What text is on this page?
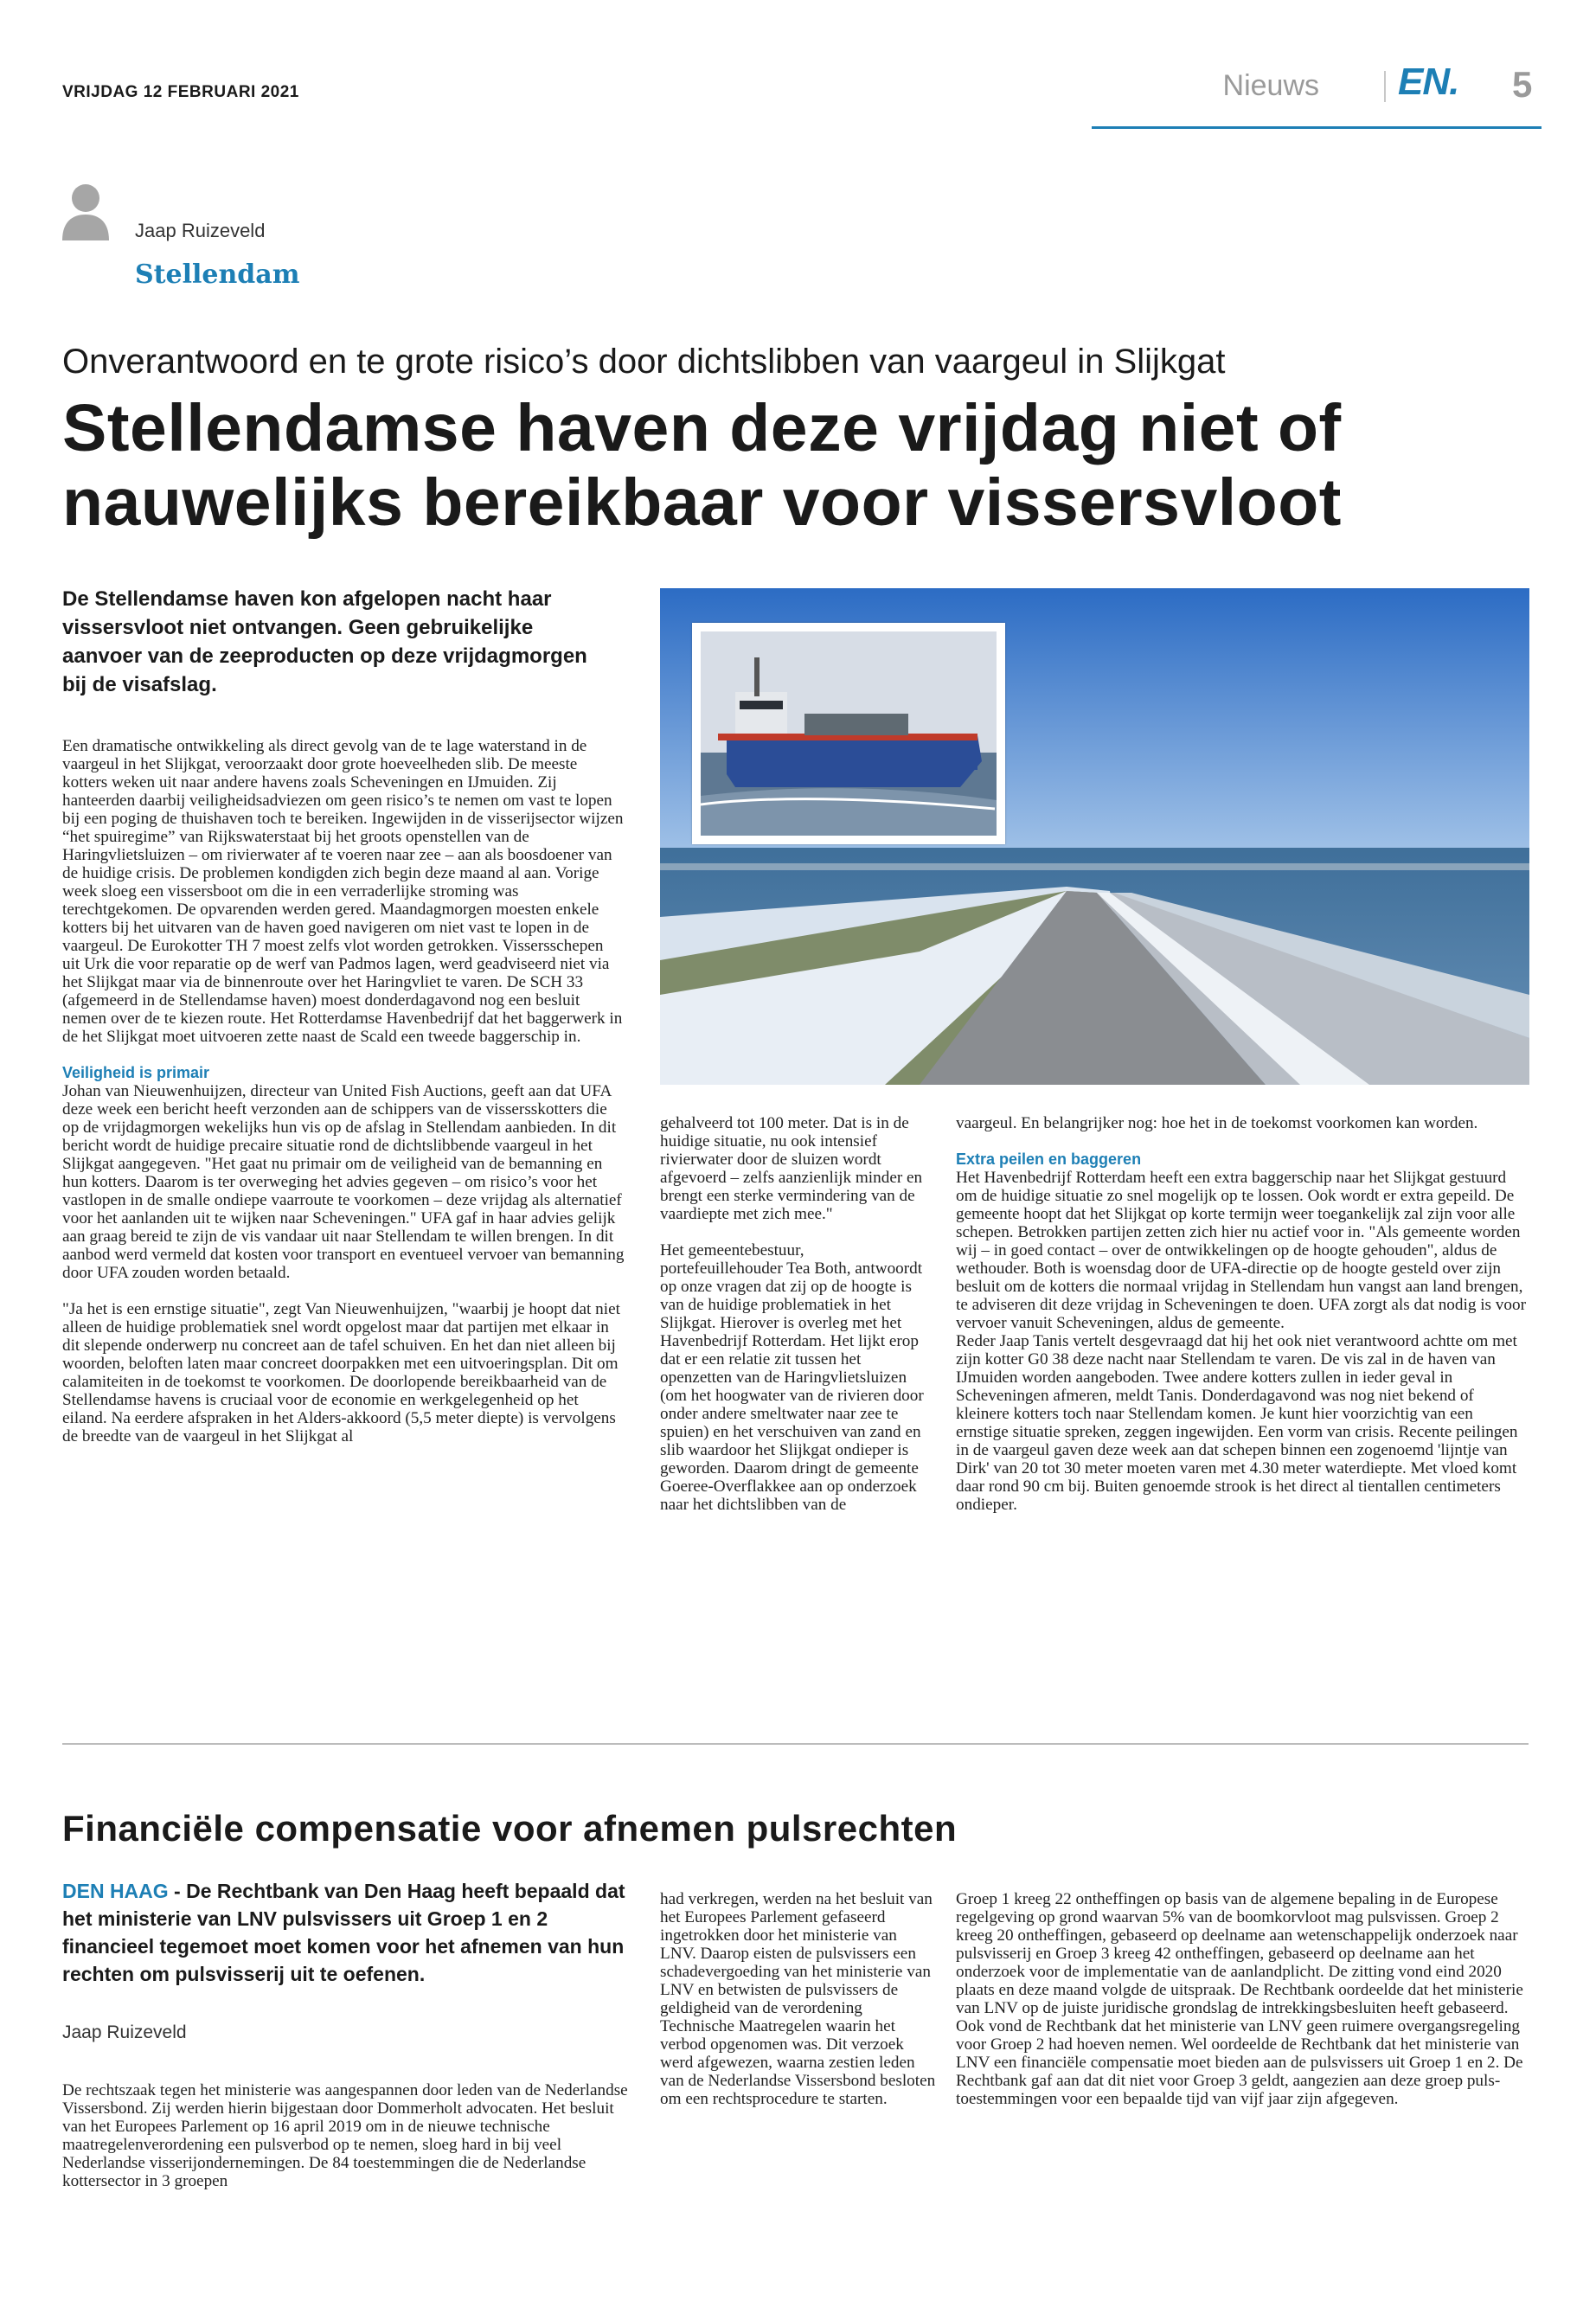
VRIJDAG 12 FEBRUARI 2021	Nieuws EN. 5
Jaap Ruizeveld
Stellendam
Onverantwoord en te grote risico’s door dichtslibben van vaargeul in Slijkgat
Stellendamse haven deze vrijdag niet of
nauwelijks bereikbaar voor vissersvloot
De Stellendamse haven kon afgelopen nacht haar vissersvloot niet ontvangen. Geen gebruikelijke aanvoer van de zeeproducten op deze vrijdagmorgen bij de visafslag.

Een dramatische ontwikkeling als direct gevolg van de te lage waterstand in de vaargeul in het Slijkgat, veroorzaakt door grote hoeveelheden slib. De meeste kotters weken uit naar andere havens zoals Scheveningen en IJmuiden. Zij hanteerden daarbij veiligheidsadviezen om geen risico’s te nemen om vast te lopen bij een poging de thuishaven toch te bereiken. Ingewijden in de visserijsector wijzen “het spuiregime” van Rijkswaterstaat bij het groots openstellen van de Haringvlietsluizen – om rivierwater af te voeren naar zee – aan als boosdoener van de huidige crisis. De problemen kondigden zich begin deze maand al aan. Vorige week sloeg een vissersboot om die in een verraderlijke stroming was terechtgekomen. De opvarenden werden gered. Maandagmorgen moesten enkele kotters bij het uitvaren van de haven goed navigeren om niet vast te lopen in de vaargeul. De Eurokotter TH 7 moest zelfs vlot worden getrokken. Vissersschepen uit Urk die voor reparatie op de werf van Padmos lagen, werd geadviseerd niet via het Slijkgat maar via de binnenroute over het Haringvliet te varen. De SCH 33 (afgemeerd in de Stellendamse haven) moest donderdagavond nog een besluit nemen over de te kiezen route. Het Rotterdamse Havenbedrijf dat het baggerwerk in de het Slijkgat moet uitvoeren zette naast de Scald een tweede baggerschip in.

Veiligheid is primair

Johan van Nieuwenhuijzen, directeur van United Fish Auctions, geeft aan dat UFA deze week een bericht heeft verzonden aan de schippers van de vissersskotters die op de vrijdagmorgen wekelijks hun vis op de afslag in Stellendam aanbieden. In dit bericht wordt de huidige precaire situatie rond de dichtslibbende vaargeul in het Slijkgat aangegeven. "Het gaat nu primair om de veiligheid van de bemanning en hun kotters. Daarom is ter overweging het advies gegeven – om risico’s voor het vastlopen in de smalle ondiepe vaarroute te voorkomen – deze vrijdag als alternatief voor het aanlanden uit te wijken naar Scheveningen." UFA gaf in haar advies gelijk aan graag bereid te zijn de vis vandaar uit naar Stellendam te willen brengen. In dit aanbod werd vermeld dat kosten voor transport en eventueel vervoer van bemanning door UFA zouden worden betaald.

"Ja het is een ernstige situatie", zegt Van Nieuwenhuijzen, "waarbij je hoopt dat niet alleen de huidige problematiek snel wordt opgelost maar dat partijen met elkaar in dit slepende onderwerp nu concreet aan de tafel schuiven. En het dan niet alleen bij woorden, beloften laten maar concreet doorpakken met een uitvoeringsplan. Dit om calamiteiten in de toekomst te voorkomen. De doorlopende bereikbaarheid van de Stellendamse havens is cruciaal voor de economie en werkgelegenheid op het eiland. Na eerdere afspraken in het Alders-akkoord (5,5 meter diepte) is vervolgens de breedte van de vaargeul in het Slijkgat al

gehalveerd tot 100 meter. Dat is in de huidige situatie, nu ook intensief rivierwater door de sluizen wordt afgevoerd – zelfs aanzienlijk minder en brengt een sterke vermindering van de vaardiepte met zich mee."

Het gemeentebestuur, portefeuillehouder Tea Both, antwoordt op onze vragen dat zij op de hoogte is van de huidige problematiek in het Slijkgat. Hierover is overleg met het Havenbedrijf Rotterdam. Het lijkt erop dat er een relatie zit tussen het openzetten van de Haringvlietsluizen (om het hoogwater van de rivieren door onder andere smeltwater naar zee te spuien) en het verschuiven van zand en slib waardoor het Slijkgat ondieper is geworden. Daarom dringt de gemeente Goeree-Overflakkee aan op onderzoek naar het dichtslibben van de

vaargeul. En belangrijker nog: hoe het in de toekomst voorkomen kan worden.

Extra peilen en baggeren

Het Havenbedrijf Rotterdam heeft een extra baggerschip naar het Slijkgat gestuurd om de huidige situatie zo snel mogelijk op te lossen. Ook wordt er extra gepeild. De gemeente hoopt dat het Slijkgat op korte termijn weer toegankelijk zal zijn voor alle schepen. Betrokken partijen zetten zich hier nu actief voor in. "Als gemeente worden wij – in goed contact – over de ontwikkelingen op de hoogte gehouden", aldus de wethouder. Both is woensdag door de UFA-directie op de hoogte gesteld over zijn besluit om de kotters die normaal vrijdag in Stellendam hun vangst aan land brengen, te adviseren dit deze vrijdag in Scheveningen te doen. UFA zorgt als dat nodig is voor vervoer vanuit Scheveningen, aldus de gemeente.

Reder Jaap Tanis vertelt desgevraagd dat hij het ook niet verantwoord achtte om met zijn kotter G0 38 deze nacht naar Stellendam te varen. De vis zal in de haven van IJmuiden worden aangeboden. Twee andere kotters zullen in ieder geval in Scheveningen afmeren, meldt Tanis. Donderdagavond was nog niet bekend of kleinere kotters toch naar Stellendam komen. Je kunt hier voorzichtig van een ernstige situatie spreken, zeggen ingewijden. Een vorm van crisis. Recente peilingen in de vaargeul gaven deze week aan dat schepen binnen een zogenoemd 'lijntje van Dirk' van 20 tot 30 meter moeten varen met 4.30 meter waterdiepte. Met vloed komt daar rond 90 cm bij. Buiten genoemde strook is het direct al tientallen centimeters ondieper.

Financiële compensatie voor afnemen pulsrechten
DEN HAAG - De Rechtbank van Den Haag heeft bepaald dat het ministerie van LNV pulsvissers uit Groep 1 en 2 financieel tegemoet moet komen voor het afnemen van hun rechten om pulsvisserij uit te oefenen.
Jaap Ruizeveld

De rechtszaak tegen het ministerie was aangespannen door leden van de Nederlandse Vissersbond. Zij werden hierin bijgestaan door Dommerholt advocaten. Het besluit van het Europees Parlement op 16 april 2019 om in de nieuwe technische maatregelenverordening een pulsverbod op te nemen, sloeg hard in bij veel Nederlandse visserijondernemingen. De 84 toestemmingen die de Nederlandse kottersector in 3 groepen

had verkregen, werden na het besluit van het Europees Parlement gefaseerd ingetrokken door het ministerie van LNV. Daarop eisten de pulsvissers een schadevergoeding van het ministerie van LNV en betwisten de pulsvissers de geldigheid van de verordening Technische Maatregelen waarin het verbod opgenomen was. Dit verzoek werd afgewezen, waarna zestien leden van de Nederlandse Vissersbond besloten om een rechtsprocedure te starten.

Groep 1 kreeg 22 ontheffingen op basis van de algemene bepaling in de Europese regelgeving op grond waarvan 5% van de boomkorvloot mag pulsvissen. Groep 2 kreeg 20 ontheffingen, gebaseerd op deelname aan wetenschappelijk onderzoek naar pulsvisserij en Groep 3 kreeg 42 ontheffingen, gebaseerd op deelname aan het onderzoek voor de implementatie van de aanlandplicht. De zitting vond eind 2020 plaats en deze maand volgde de uitspraak. De Rechtbank oordeelde dat het ministerie van LNV op de juiste juridische grondslag de intrekkingsbesluiten heeft gebaseerd. Ook vond de Rechtbank dat het ministerie van LNV geen ruimere overgangsregeling voor Groep 2 had hoeven nemen. Wel oordeelde de Rechtbank dat het ministerie van LNV een financiële compensatie moet bieden aan de pulsvissers uit Groep 1 en 2. De Rechtbank gaf aan dat dit niet voor Groep 3 geldt, aangezien aan deze groep puls-toestemmingen voor een bepaalde tijd van vijf jaar zijn afgegeven.
